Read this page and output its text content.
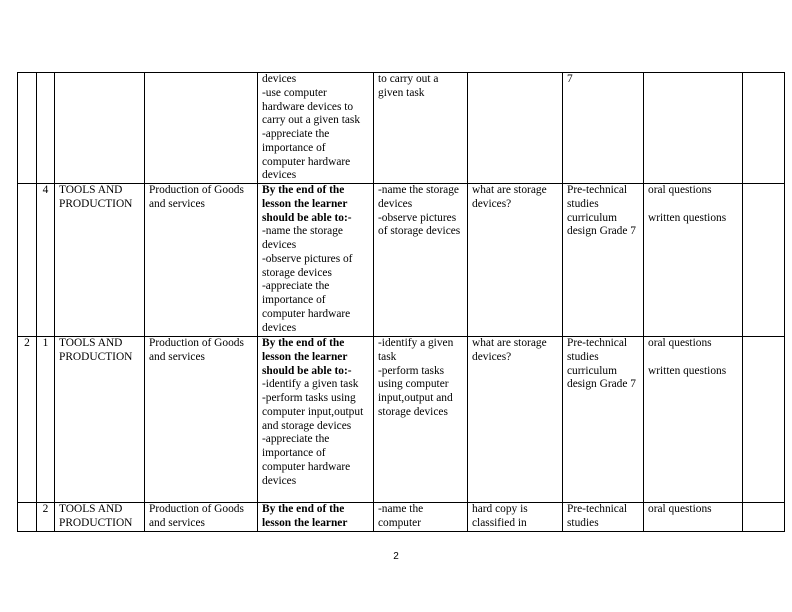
				devices
-use computer hardware devices to carry out a given task
-appreciate the importance of computer hardware devices	to carry out a given task		7		

	4	TOOLS AND PRODUCTION	Production of Goods and services	By the end of the lesson the learner should be able to:-
-name the storage devices
-observe pictures of storage devices
-appreciate the importance of computer hardware devices	-name the storage devices
-observe pictures of storage devices	what are storage devices?	Pre-technical studies curriculum design Grade 7	oral questions
written questions	

2	1	TOOLS AND PRODUCTION	Production of Goods and services	By the end of the lesson the learner should be able to:-
-identify a given task
-perform tasks using computer input,output and storage devices
-appreciate the importance of computer hardware devices	-identify a given task
-perform tasks using computer input,output and storage devices	what are storage devices?	Pre-technical studies curriculum design Grade 7	oral questions
written questions	

	2	TOOLS AND PRODUCTION	Production of Goods and services	By the end of the lesson the learner	-name the computer	hard copy is classified in	Pre-technical studies	oral questions	

2
